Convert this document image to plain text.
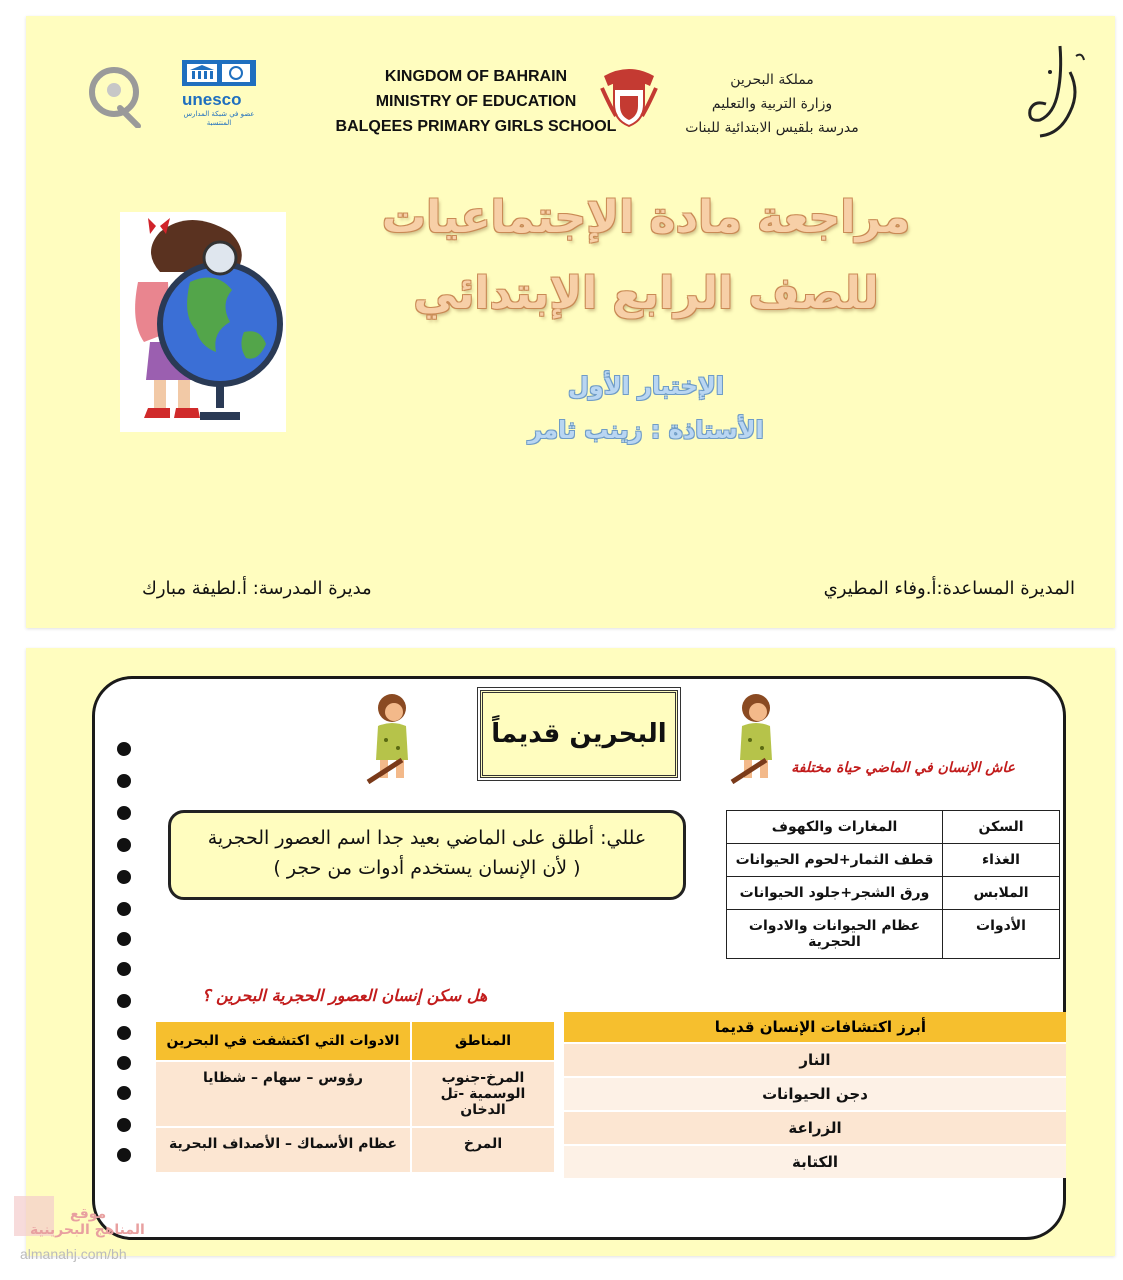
unesco
عضو في شبكة المدارس المنتسبة
KINGDOM OF BAHRAIN
MINISTRY OF EDUCATION
BALQEES PRIMARY GIRLS SCHOOL
مملكة البحرين
وزارة التربية والتعليم
مدرسة بلقيس الابتدائية للبنات
مراجعة مادة الإجتماعيات
للصف الرابع الإبتدائي
الإختبار الأول
الأستاذة : زينب ثامر
المديرة المساعدة:أ.وفاء المطيري
مديرة المدرسة: أ.لطيفة مبارك
البحرين قديماً
عاش الإنسان في الماضي حياة مختلفة
عللي: أطلق على الماضي بعيد جدا اسم العصور الحجرية
( لأن الإنسان يستخدم أدوات من حجر )
السكن	المغارات والكهوف
الغذاء	قطف الثمار+لحوم الحيوانات
الملابس	ورق الشجر+جلود الحيوانات
الأدوات	عظام الحيوانات والادوات الحجرية
هل سكن إنسان العصور الحجرية البحرين ؟
المناطق	الادوات التي اكتشفت في البحرين
المرخ-جنوب الوسمية -تل الدخان	رؤوس – سهام – شظايا
المرخ	عظام الأسماك – الأصداف البحرية
أبرز اكتشافات الإنسان قديما
النار
دجن الحيوانات
الزراعة
الكتابة
موقع
المناهج البحرينية
almanahj.com/bh
